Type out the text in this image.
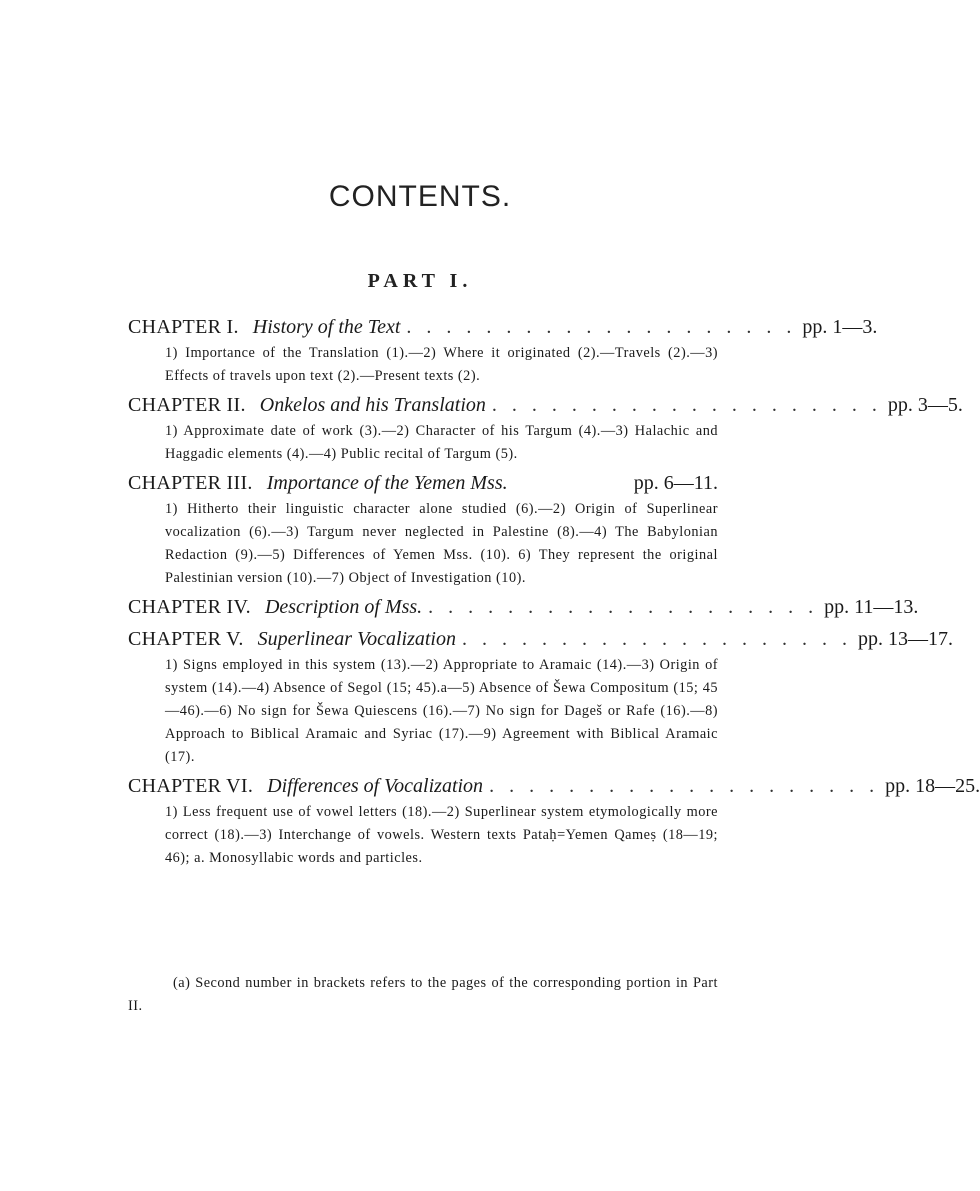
CONTENTS.
PART I.
CHAPTER I. History of the Text . . . . . . . . . . . . . . . . . . . . pp. 1—3.
1) Importance of the Translation (1).—2) Where it originated (2).—Travels (2).—3) Effects of travels upon text (2).—Present texts (2).
CHAPTER II. Onkelos and his Translation . . . . . . . . . . . . . . . . . . . . pp. 3—5.
1) Approximate date of work (3).—2) Character of his Targum (4).—3) Halachic and Haggadic elements (4).—4) Public recital of Targum (5).
CHAPTER III. Importance of the Yemen Mss.	pp. 6—11.
1) Hitherto their linguistic character alone studied (6).—2) Origin of Superlinear vocalization (6).—3) Targum never neglected in Palestine (8).—4) The Babylonian Redaction (9).—5) Differences of Yemen Mss. (10). 6) They represent the original Palestinian version (10).—7) Object of Investigation (10).
CHAPTER IV. Description of Mss. . . . . . . . . . . . . . . . . . . . . pp. 11—13.
CHAPTER V. Superlinear Vocalization . . . . . . . . . . . . . . . . . . . . pp. 13—17.
1) Signs employed in this system (13).—2) Appropriate to Aramaic (14).—3) Origin of system (14).—4) Absence of Segol (15; 45).a—5) Absence of Šewa Compositum (15; 45—46).—6) No sign for Šewa Quiescens (16).—7) No sign for Dageš or Rafe (16).—8) Approach to Biblical Aramaic and Syriac (17).—9) Agreement with Biblical Aramaic (17).
CHAPTER VI. Differences of Vocalization . . . . . . . . . . . . . . . . . . . . pp. 18—25.
1) Less frequent use of vowel letters (18).—2) Superlinear system etymologically more correct (18).—3) Interchange of vowels. Western texts Pataḥ=Yemen Qameṣ (18—19; 46); a. Monosyllabic words and particles.
(a) Second number in brackets refers to the pages of the corresponding portion in Part II.
